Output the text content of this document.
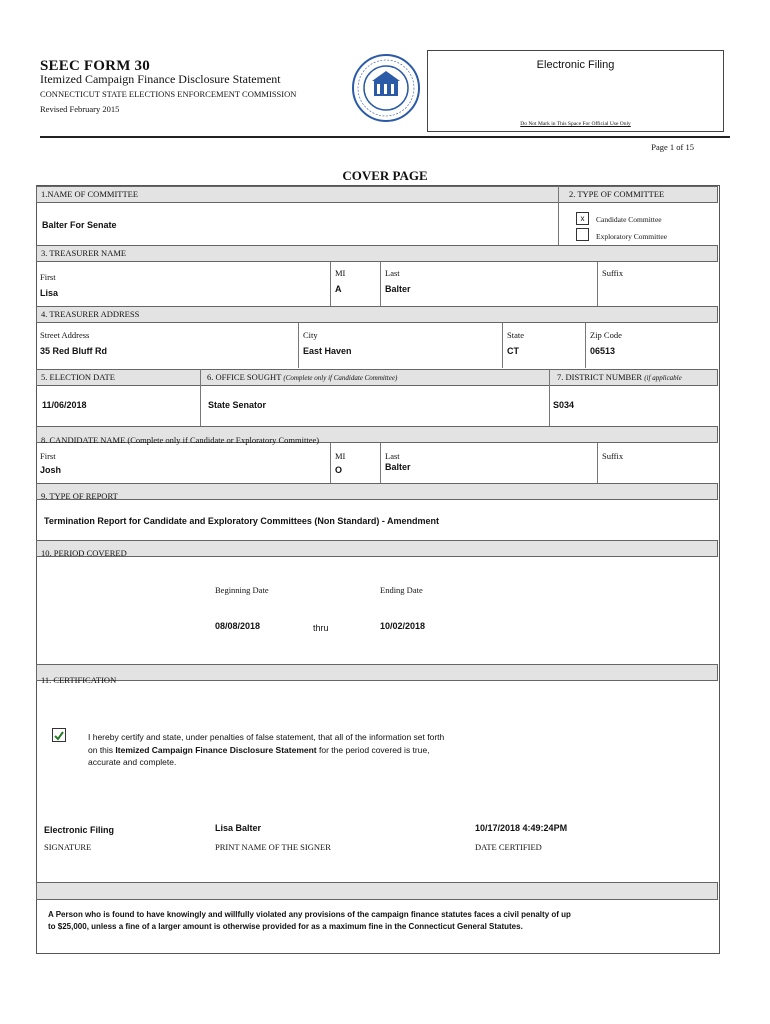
SEEC FORM 30
Itemized Campaign Finance Disclosure Statement
CONNECTICUT STATE ELECTIONS ENFORCEMENT COMMISSION
Revised February 2015
Electronic Filing
Do Not Mark in This Space For Official Use Only
Page 1 of 15
COVER PAGE
1.NAME OF COMMITTEE	2. TYPE OF COMMITTEE
Balter For Senate
x	Candidate Committee
Exploratory Committee
3. TREASURER NAME
First
Lisa
MI
A
Last
Balter
Suffix
4. TREASURER ADDRESS
Street Address
35 Red Bluff Rd
City
East Haven
State
CT
Zip Code
06513
5. ELECTION DATE	6. OFFICE SOUGHT (Complete only if Candidate Committee)	7. DISTRICT NUMBER (if applicable
11/06/2018	State Senator	S034
8. CANDIDATE NAME (Complete only if Candidate or Exploratory Committee)
First
Josh
MI
O
Last
Balter
Suffix
9. TYPE OF REPORT
Termination Report for Candidate and Exploratory Committees (Non Standard) - Amendment
10. PERIOD COVERED
Beginning Date	Ending Date
08/08/2018	thru	10/02/2018
11. CERTIFICATION
I hereby certify and state, under penalties of false statement, that all of the information set forth
on this Itemized Campaign Finance Disclosure Statement for the period covered is true,
accurate and complete.
Electronic Filing
SIGNATURE
Lisa Balter
PRINT NAME OF THE SIGNER
10/17/2018 4:49:24PM
DATE CERTIFIED
A Person who is found to have knowingly and willfully violated any provisions of the campaign finance statutes faces a civil penalty of up
to $25,000, unless a fine of a larger amount is otherwise provided for as a maximum fine in the Connecticut General Statutes.
